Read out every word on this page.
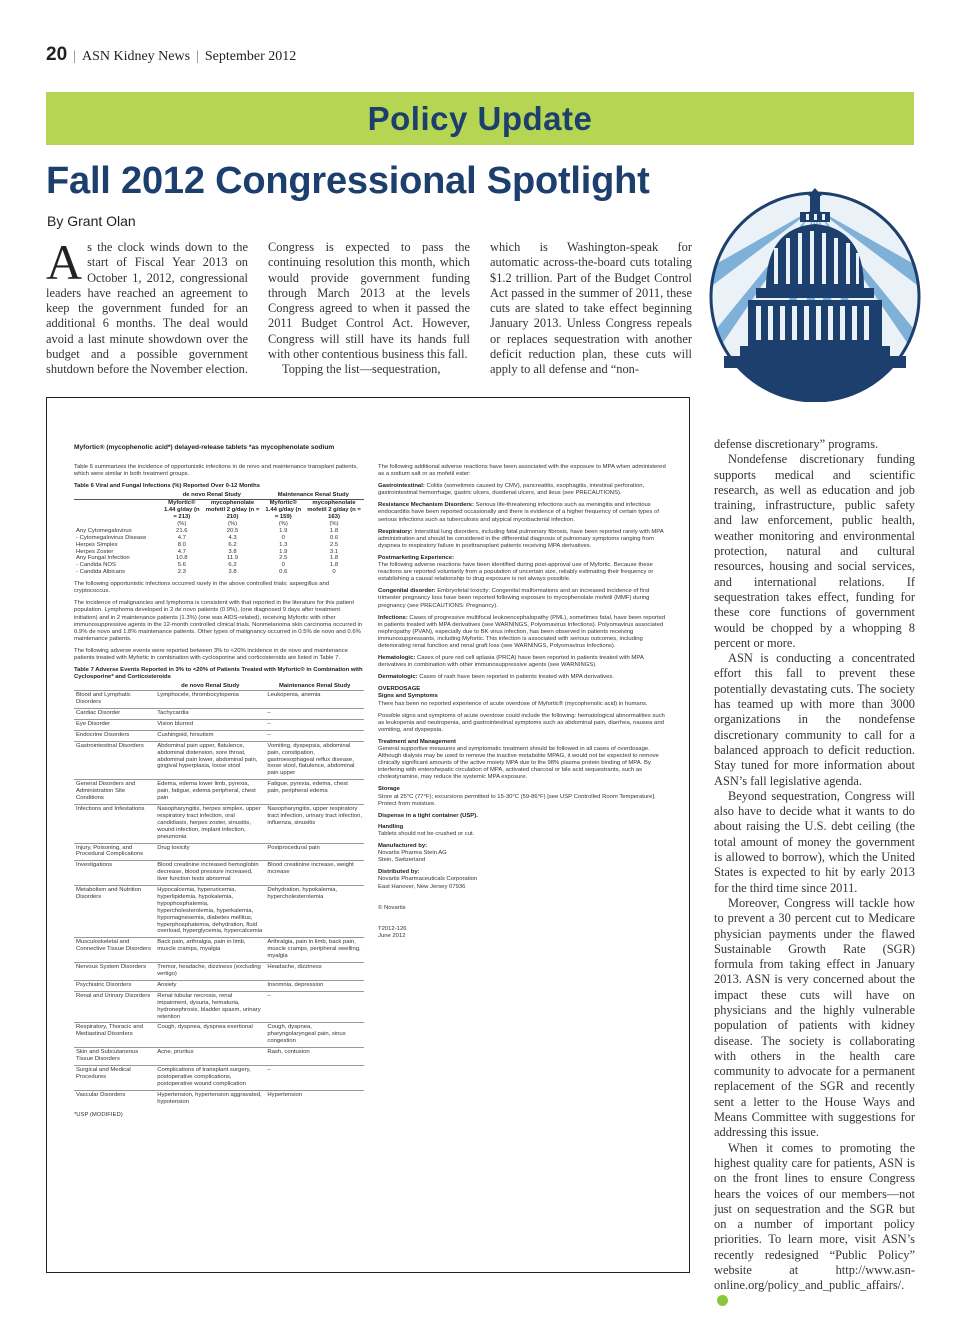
20 | ASN Kidney News | September 2012
Policy Update
Fall 2012 Congressional Spotlight
By Grant Olan

As the clock winds down to the start of Fiscal Year 2013 on October 1, 2012, congressional leaders have reached an agreement to keep the government funded for an additional 6 months. The deal would avoid a last minute showdown over the budget and a possible government shutdown before the November election.

Congress is expected to pass the continuing resolution this month, which would provide government funding through March 2013 at the levels Congress agreed to when it passed the 2011 Budget Control Act. However, Congress will still have its hands full with other contentious business this fall.

Topping the list—sequestration,

which is Washington-speak for automatic across-the-board cuts totaling $1.2 trillion. Part of the Budget Control Act passed in the summer of 2011, these cuts are slated to take effect beginning January 2013. Unless Congress repeals or replaces sequestration with another deficit reduction plan, these cuts will apply to all defense and “non-

defense discretionary” programs.

Nondefense discretionary funding supports medical and scientific research, as well as education and job training, infrastructure, public safety and law enforcement, public health, weather monitoring and environmental protection, natural and cultural resources, housing and social services, and international relations. If sequestration takes effect, funding for these core functions of government would be chopped by a whopping 8 percent or more.

ASN is conducting a concentrated effort this fall to prevent these potentially devastating cuts. The society has teamed up with more than 3000 organizations in the nondefense discretionary community to call for a balanced approach to deficit reduction. Stay tuned for more information about ASN’s fall legislative agenda.

Beyond sequestration, Congress will also have to decide what it wants to do about raising the U.S. debt ceiling (the total amount of money the government is allowed to borrow), which the United States is expected to hit by early 2013 for the third time since 2011.

Moreover, Congress will tackle how to prevent a 30 percent cut to Medicare physician payments under the flawed Sustainable Growth Rate (SGR) formula from taking effect in January 2013. ASN is very concerned about the impact these cuts will have on physicians and the highly vulnerable population of patients with kidney disease. The society is collaborating with others in the health care community to advocate for a permanent replacement of the SGR and recently sent a letter to the House Ways and Means Committee with suggestions for addressing this issue.

When it comes to promoting the highest quality care for patients, ASN is on the front lines to ensure Congress hears the voices of our members—not just on sequestration and the SGR but on a number of important policy priorities. To learn more, visit ASN’s recently redesigned “Public Policy” website at http://www.asn-online.org/policy_and_public_affairs/.

Myfortic® (mycophenolic acid*) delayed-release tablets *as mycophenolate sodium

Table 6 summarizes the incidence of opportunistic infections in de novo and maintenance transplant patients, which were similar in both treatment groups.

Table 6 Viral and Fungal Infections (%) Reported Over 0-12 Months
	de novo Renal Study		Maintenance Renal Study	
	Myfortic® 1.44 g/day (n = 213)	mycophenolate mofetil 2 g/day (n = 210)	Myfortic® 1.44 g/day (n = 159)	mycophenolate mofetil 2 g/day (n = 163)
	(%)	(%)	(%)	(%)
Any Cytomegalovirus	21.6	20.5	1.9	1.8
- Cytomegalovirus Disease	4.7	4.3	0	0.6
Herpes Simplex	8.0	6.2	1.3	2.5
Herpes Zoster	4.7	3.8	1.9	3.1
Any Fungal Infection	10.8	11.9	2.5	1.8
- Candida NOS	5.6	6.2	0	1.8
- Candida Albicans	2.3	3.8	0.6	0

The following opportunistic infections occurred rarely in the above controlled trials: aspergillus and cryptococcus.

The incidence of malignancies and lymphoma is consistent with that reported in the literature for this patient population. Lymphoma developed in 2 de novo patients (0.9%), (one diagnosed 9 days after treatment initiation) and in 2 maintenance patients (1.3%) (one was AIDS-related), receiving Myfortic with other immunosuppressive agents in the 12-month controlled clinical trials. Nonmelanoma skin carcinoma occurred in 0.9% de novo and 1.8% maintenance patients. Other types of malignancy occurred in 0.5% de novo and 0.6% maintenance patients.

The following adverse events were reported between 3% to <20% incidence in de novo and maintenance patients treated with Myfortic in combination with cyclosporine and corticosteroids are listed in Table 7.

Table 7 Adverse Events Reported in 3% to <20% of Patients Treated with Myfortic® in Combination with Cyclosporine* and Corticosteroids
	de novo Renal Study	Maintenance Renal Study
Blood and Lymphatic Disorders	Lymphocele, thrombocytopenia	Leukopenia, anemia
Cardiac Disorder	Tachycardia	–
Eye Disorder	Vision blurred	–
Endocrine Disorders	Cushingoid, hirsutism	–
Gastrointestinal Disorders	Abdominal pain upper, flatulence, abdominal distension, sore throat, abdominal pain lower, abdominal pain, gingival hyperplasia, loose stool	Vomiting, dyspepsia, abdominal pain, constipation, gastroesophageal reflux disease, loose stool, flatulence, abdominal pain upper
General Disorders and Administration Site Conditions	Edema, edema lower limb, pyrexia, pain, fatigue, edema peripheral, chest pain	Fatigue, pyrexia, edema, chest pain, peripheral edema
Infections and Infestations	Nasopharyngitis, herpes simplex, upper respiratory tract infection, oral candidiasis, herpes zoster, sinusitis, wound infection, implant infection, pneumonia	Nasopharyngitis, upper respiratory tract infection, urinary tract infection, influenza, sinusitis
Injury, Poisoning, and Procedural Complications	Drug toxicity	Postprocedural pain
Investigations	Blood creatinine increased hemoglobin decrease, blood pressure increased, liver function tests abnormal	Blood creatinine increase, weight increase
Metabolism and Nutrition Disorders	Hypocalcemia, hyperuricemia, hyperlipidemia, hypokalemia, hypophosphatemia, hypercholesterolemia, hyperkalemia, hypomagnesemia, diabetes mellitus, hyperphosphatemia, dehydration, fluid overload, hyperglycemia, hypercalcemia	Dehydration, hypokalemia, hypercholesterolemia
Musculoskeletal and Connective Tissue Disorders	Back pain, arthralgia, pain in limb, muscle cramps, myalgia	Arthralgia, pain in limb, back pain, muscle cramps, peripheral swelling, myalgia
Nervous System Disorders	Tremor, headache, dizziness (excluding vertigo)	Headache, dizziness
Psychiatric Disorders	Anxiety	Insomnia, depression
Renal and Urinary Disorders	Renal tubular necrosis, renal impairment, dysuria, hematuria, hydronephrosis, bladder spasm, urinary retention	–
Respiratory, Thoracic and Mediastinal Disorders	Cough, dyspnea, dyspnea exertional	Cough, dyspnea, pharyngolaryngeal pain, sinus congestion
Skin and Subcutaneous Tissue Disorders	Acne, pruritus	Rash, contusion
Surgical and Medical Procedures	Complications of transplant surgery, postoperative complications, postoperative wound complication	–
Vascular Disorders	Hypertension, hypertension aggravated, hypotension	Hypertension

*USP (MODIFIED)

The following additional adverse reactions have been associated with the exposure to MPA when administered as a sodium salt or as mofetil ester:

Gastrointestinal: Colitis (sometimes caused by CMV), pancreatitis, esophagitis, intestinal perforation, gastrointestinal hemorrhage, gastric ulcers, duodenal ulcers, and ileus (see PRECAUTIONS).

Resistance Mechanism Disorders: Serious life-threatening infections such as meningitis and infectious endocarditis have been reported occasionally and there is evidence of a higher frequency of certain types of serious infections such as tuberculosis and atypical mycobacterial infection.

Respiratory: Interstitial lung disorders, including fatal pulmonary fibrosis, have been reported rarely with MPA administration and should be considered in the differential diagnosis of pulmonary symptoms ranging from dyspnea to respiratory failure in posttransplant patients receiving MPA derivatives.

Postmarketing Experience:

The following adverse reactions have been identified during post-approval use of Myfortic. Because these reactions are reported voluntarily from a population of uncertain size, reliably estimating their frequency or establishing a causal relationship to drug exposure is not always possible.

Congenital disorder: Embryofetal toxicity: Congenital malformations and an increased incidence of first trimester pregnancy loss have been reported following exposure to mycophenolate mofetil (MMF) during pregnancy (see PRECAUTIONS: Pregnancy).

Infections: Cases of progressive multifocal leukoencephalopathy (PML), sometimes fatal, have been reported in patients treated with MPA derivatives (see WARNINGS, Polyomavirus Infections). Polyomavirus associated nephropathy (PVAN), especially due to BK virus infection, has been observed in patients receiving immunosuppressants, including Myfortic. This infection is associated with serious outcomes, including deteriorating renal function and renal graft loss (see WARNINGS, Polyomavirus Infections).

Hematologic: Cases of pure red cell aplasia (PRCA) have been reported in patients treated with MPA derivatives in combination with other immunosuppressive agents (see WARNINGS).

Dermatologic: Cases of rash have been reported in patients treated with MPA derivatives.

OVERDOSAGE
Signs and Symptoms

There has been no reported experience of acute overdose of Myfortic® (mycophenolic acid) in humans.

Possible signs and symptoms of acute overdose could include the following: hematological abnormalities such as leukopenia and neutropenia, and gastrointestinal symptoms such as abdominal pain, diarrhea, nausea and vomiting, and dyspepsia.

Treatment and Management

General supportive measures and symptomatic treatment should be followed in all cases of overdosage. Although dialysis may be used to remove the inactive metabolite MPAG, it would not be expected to remove clinically significant amounts of the active moiety MPA due to the 98% plasma protein binding of MPA. By interfering with enterohepatic circulation of MPA, activated charcoal or bile acid sequestrants, such as cholestyramine, may reduce the systemic MPA exposure.

Storage

Store at 25°C (77°F); excursions permitted to 15-30°C (59-86°F) [see USP Controlled Room Temperature]. Protect from moisture.

Dispense in a tight container (USP).
Handling

Tablets should not be crushed or cut.

Manufactured by:
Novartis Pharma Stein AG

Stein, Switzerland

Distributed by:
Novartis Pharmaceuticals Corporation

East Hanover, New Jersey 07936

© Novartis

T2012-126
June 2012
